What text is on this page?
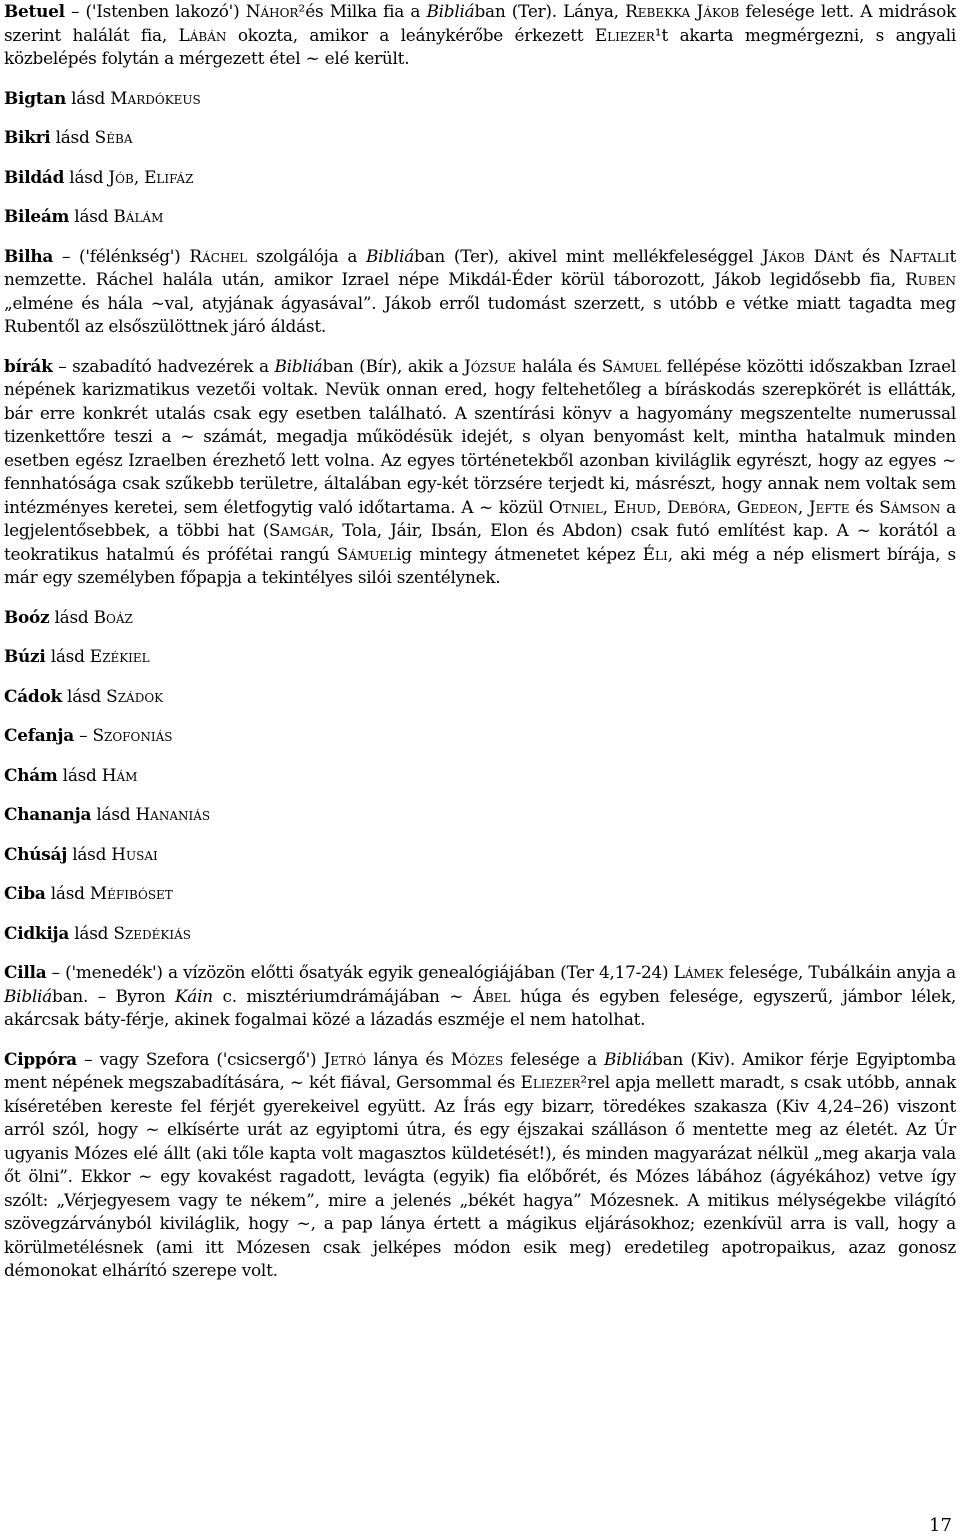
Betuel – ('Istenben lakozó') Náhor²és Milka fia a Bibliában (Ter). Lánya, Rebekka Jákob felesége lett. A midrások szerint halálát fia, Lábán okozta, amikor a leánykérőbe érkezett Eliezer¹t akarta megmérgezni, s angyali közbelépés folytán a mérgezett étel ~ elé került.

Bigtan lásd Mardókeus

Bikri lásd Séba

Bildád lásd Jób, Elifáz

Bileám lásd Bálám

Bilha – ('félénkség') Ráchel szolgálója a Bibliában (Ter), akivel mint mellékfeleséggel Jákob Dánt és Naftalit nemzette. Ráchel halála után, amikor Izrael népe Mikdál-Éder körül táborozott, Jákob legidősebb fia, Ruben „elméne és hála ~val, atyjának ágyasával”. Jákob erről tudomást szerzett, s utóbb e vétke miatt tagadta meg Rubentől az elsőszülöttnek járó áldást.

bírák – szabadító hadvezérek a Bibliában (Bír), akik a Józsue halála és Sámuel fellépése közötti időszakban Izrael népének karizmatikus vezetői voltak. Nevük onnan ered, hogy feltehetőleg a bíráskodás szerepkörét is ellátták, bár erre konkrét utalás csak egy esetben található. A szentírási könyv a hagyomány megszentelte numerussal tizenkettőre teszi a ~ számát, megadja működésük idejét, s olyan benyomást kelt, mintha hatalmuk minden esetben egész Izraelben érezhető lett volna. Az egyes történetekből azonban kiviláglik egyrészt, hogy az egyes ~ fennhatósága csak szűkebb területre, általában egy-két törzsére terjedt ki, másrészt, hogy annak nem voltak sem intézményes keretei, sem életfogytig való időtartama. A ~ közül Otniel, Ehud, Debóra, Gedeon, Jefte és Sámson a legjelentősebbek, a többi hat (Samgár, Tola, Jáir, Ibsán, Elon és Abdon) csak futó említést kap. A ~ korától a teokratikus hatalmú és prófétai rangú Sámuelig mintegy átmenetet képez Éli, aki még a nép elismert bírája, s már egy személyben főpapja a tekintélyes silói szentélynek.

Boóz lásd Boáz

Búzi lásd Ezékiel

Cádok lásd Szádok

Cefanja – Szofoniás

Chám lásd Hám

Chananja lásd Hananiás

Chúsáj lásd Husai

Ciba lásd Méfibóset

Cidkija lásd Szedékiás

Cilla – ('menedék') a vízözön előtti ősatyák egyik genealógiájában (Ter 4,17-24) Lámek felesége, Tubálkáin anyja a Bibliában. – Byron Káin c. misztériumdrámájában ~ Ábel húga és egyben felesége, egyszerű, jámbor lélek, akárcsak báty-férje, akinek fogalmai közé a lázadás eszméje el nem hatolhat.

Cippóra – vagy Szefora ('csicsergő') Jetró lánya és Mózes felesége a Bibliában (Kiv). Amikor férje Egyiptomba ment népének megszabadítására, ~ két fiával, Gersommal és Eliezer²rel apja mellett maradt, s csak utóbb, annak kíséretében kereste fel férjét gyerekeivel együtt. Az Írás egy bizarr, töredékes szakasza (Kiv 4,24–26) viszont arról szól, hogy ~ elkísérte urát az egyiptomi útra, és egy éjszakai szálláson ő mentette meg az életét. Az Úr ugyanis Mózes elé állt (aki tőle kapta volt magasztos küldetését!), és minden magyarázat nélkül „meg akarja vala őt ölni”. Ekkor ~ egy kovakést ragadott, levágta (egyik) fia előbőrét, és Mózes lábához (ágyékához) vetve így szólt: „Vérjegyesem vagy te nékem”, mire a jelenés „békét hagya” Mózesnek. A mitikus mélységekbe világító szövegzárványból kiviláglik, hogy ~, a pap lánya értett a mágikus eljárásokhoz; ezenkívül arra is vall, hogy a körülmetélésnek (ami itt Mózesen csak jelképes módon esik meg) eredetileg apotropaikus, azaz gonosz démonokat elhárító szerepe volt.

17
